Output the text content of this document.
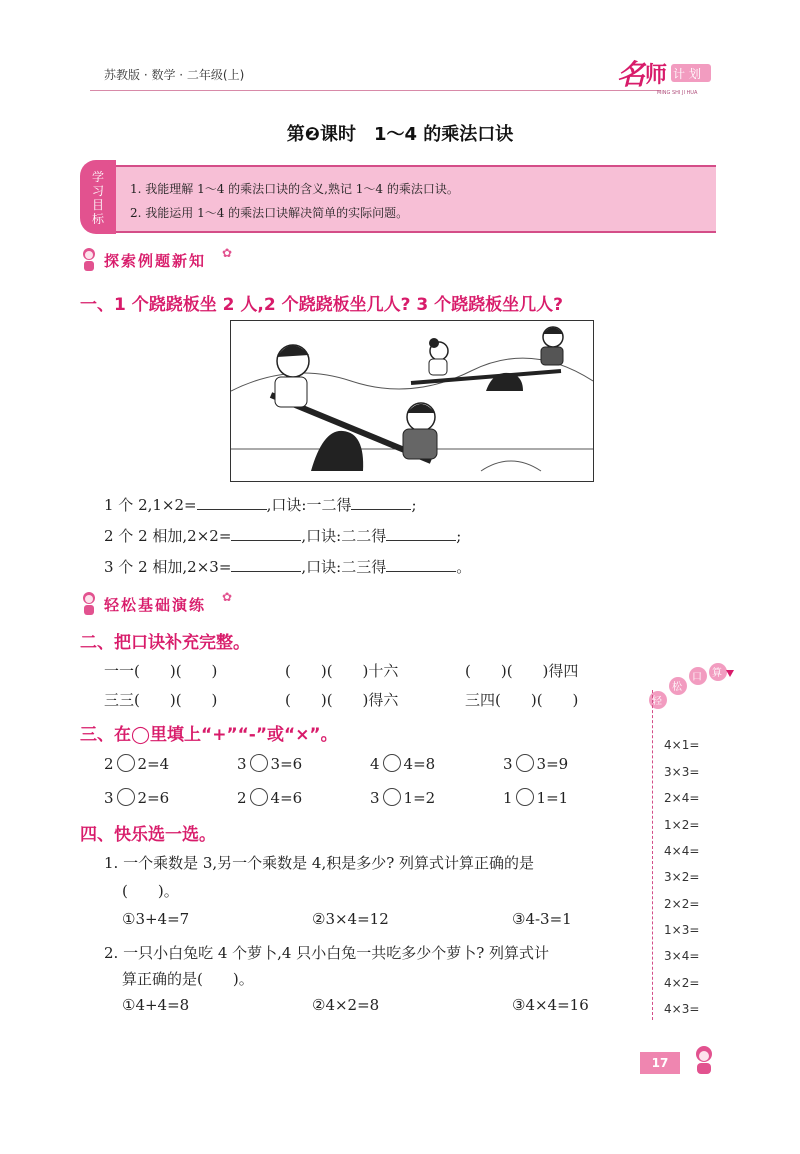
苏教版 · 数学 · 二年级(上)	名 师 计 划
MING SHI JI HUA
第❷课时　1～4 的乘法口诀
学习目标
1. 我能理解 1～4 的乘法口诀的含义,熟记 1～4 的乘法口诀。
2. 我能运用 1～4 的乘法口诀解决简单的实际问题。
探索例题新知 ✿
一、1 个跷跷板坐 2 人,2 个跷跷板坐几人? 3 个跷跷板坐几人?
1 个 2,1×2=	,口诀:一二得	;
2 个 2 相加,2×2=	,口诀:二二得	;
3 个 2 相加,2×3=	,口诀:二三得	。
轻松基础演练 ✿
二、把口诀补充完整。
一一(　　)(　　)	(　　)(　　)十六	(　　)(　　)得四
三三(　　)(　　)	(　　)(　　)得六	三四(　　)(　　)
三、在◯里填上“+”“-”或“×”。
2 2=4	3 3=6	4 4=8	3 3=9
3 2=6	2 4=6	3 1=2	1 1=1
四、快乐选一选。
1. 一个乘数是 3,另一个乘数是 4,积是多少? 列算式计算正确的是
(　　)。
①3+4=7	②3×4=12	③4-3=1
2. 一只小白兔吃 4 个萝卜,4 只小白兔一共吃多少个萝卜? 列算式计
算正确的是(　　)。
①4+4=8	②4×2=8	③4×4=16
轻
松
口 算
4×1=
3×3=
2×4=
1×2=
4×4=
3×2=
2×2=
1×3=
3×4=
4×2=
4×3=
17
